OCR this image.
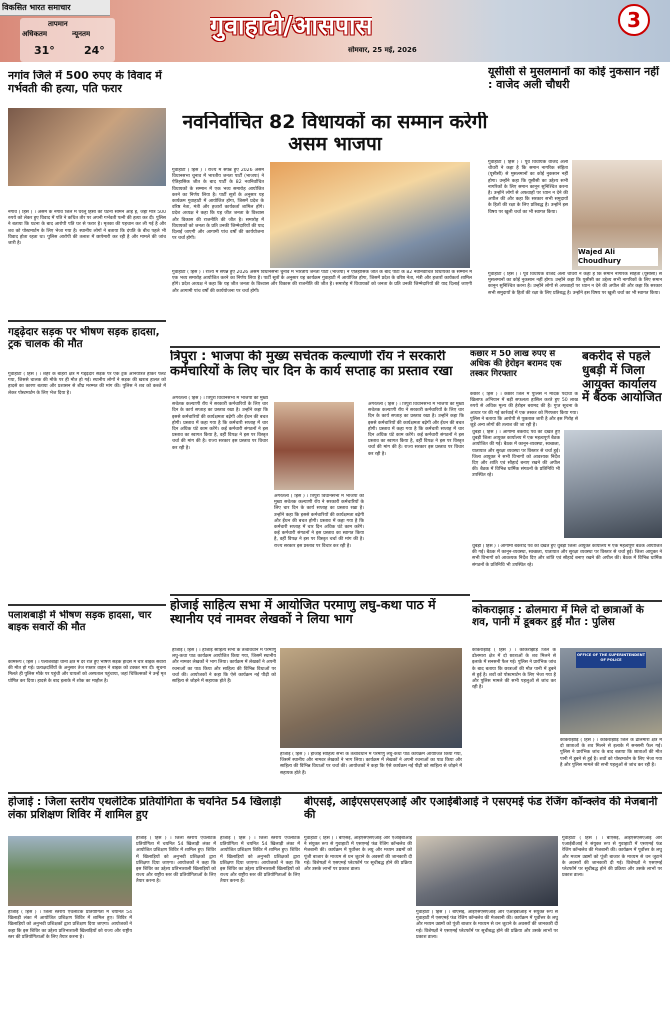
विकसित भारत समाचार
तापमान
अधिकतम	न्यूनतम
31°	24°
गुवाहाटी/आसपास
सोमवार, 25 मई, 2026
3
नगांव जिले में 500 रुपए के विवाद में गर्भवती की हत्या, पति फरार
नगांव ( हिंस ) । असम के नगांव जिले में घरेलू हिंसा की घटना सामने आई है, जहां मात्र 500 रुपये को लेकर हुए विवाद में पति ने कथित तौर पर अपनी गर्भवती पत्नी की हत्या कर दी। पुलिस ने बताया कि घटना के बाद आरोपी पति घर से फरार है। मृतका की पहचान कर ली गई है और शव को पोस्टमार्टम के लिए भेजा गया है। स्थानीय लोगों ने बताया कि दंपति के बीच पहले भी विवाद होता रहता था। पुलिस आरोपी की तलाश में छापेमारी कर रही है और मामले की जांच जारी है।
गड्ढ़ेदार सड़क पर भीषण सड़क हादसा, ट्रक चालक की मौत
गुवाहाटी ( हिंस ) । शहर के बाहरी क्षेत्र में गड्ढ़ेदार सड़क पर एक ट्रक अनियंत्रित होकर पलट गया, जिससे चालक की मौके पर ही मौत हो गई। स्थानीय लोगों ने सड़क की खराब हालत को हादसे का कारण बताया और प्रशासन से शीघ्र मरम्मत की मांग की। पुलिस ने शव को कब्जे में लेकर पोस्टमार्टम के लिए भेज दिया है।
पलाशबाड़ी में भीषण सड़क हादसा, चार बाइक सवारों की मौत
कामरूप ( हिंस ) । पलाशबाड़ी थाना क्षेत्र में देर रात हुए भीषण सड़क हादसे में चार बाइक सवारों की मौत हो गई। प्रत्यक्षदर्शियों के अनुसार तेज रफ्तार वाहन ने बाइक को टक्कर मार दी। सूचना मिलते ही पुलिस मौके पर पहुंची और घायलों को अस्पताल पहुंचाया, जहां चिकित्सकों ने उन्हें मृत घोषित कर दिया। हादसे के बाद इलाके में शोक का माहौल है।
नवनिर्वाचित 82 विधायकों का सम्मान करेगी असम भाजपा
गुवाहाटी ( हिंस ) । राज्य में संपन्न हुए 2026 असम विधानसभा चुनाव में भारतीय जनता पार्टी (भाजपा) ने ऐतिहासिक जीत के बाद पार्टी के 82 नवनिर्वाचित विधायकों के सम्मान में एक भव्य समारोह आयोजित करने का निर्णय लिया है। पार्टी सूत्रों के अनुसार यह कार्यक्रम गुवाहाटी में आयोजित होगा, जिसमें प्रदेश के वरिष्ठ नेता, मंत्री और हजारों कार्यकर्ता शामिल होंगे। प्रदेश अध्यक्ष ने कहा कि यह जीत जनता के विश्वास और विकास की राजनीति की जीत है। समारोह में विधायकों को जनता के प्रति उनकी जिम्मेदारियों की याद दिलाई जाएगी और आगामी पांच वर्षों की कार्ययोजना पर चर्चा होगी।
गुवाहाटी ( हिंस ) । राज्य में संपन्न हुए 2026 असम विधानसभा चुनाव में भारतीय जनता पार्टी (भाजपा) ने ऐतिहासिक जीत के बाद पार्टी के 82 नवनिर्वाचित विधायकों के सम्मान में एक भव्य समारोह आयोजित करने का निर्णय लिया है। पार्टी सूत्रों के अनुसार यह कार्यक्रम गुवाहाटी में आयोजित होगा, जिसमें प्रदेश के वरिष्ठ नेता, मंत्री और हजारों कार्यकर्ता शामिल होंगे। प्रदेश अध्यक्ष ने कहा कि यह जीत जनता के विश्वास और विकास की राजनीति की जीत है। समारोह में विधायकों को जनता के प्रति उनकी जिम्मेदारियों की याद दिलाई जाएगी और आगामी पांच वर्षों की कार्ययोजना पर चर्चा होगी।
यूसीसी से मुसलमानों का कोई नुकसान नहीं : वाजेद अली चौधरी
गुवाहाटी ( हिंस ) । पूर्व विधायक वाजेद अली चौधरी ने कहा है कि समान नागरिक संहिता (यूसीसी) से मुसलमानों का कोई नुकसान नहीं होगा। उन्होंने कहा कि यूसीसी का उद्देश्य सभी नागरिकों के लिए समान कानून सुनिश्चित करना है। उन्होंने लोगों से अफवाहों पर ध्यान न देने की अपील की और कहा कि सरकार सभी समुदायों के हितों की रक्षा के लिए प्रतिबद्ध है। उन्होंने इस विषय पर खुली चर्चा का भी स्वागत किया।
Wajed Ali Choudhury
गुवाहाटी ( हिंस ) । पूर्व विधायक वाजेद अली चौधरी ने कहा है कि समान नागरिक संहिता (यूसीसी) से मुसलमानों का कोई नुकसान नहीं होगा। उन्होंने कहा कि यूसीसी का उद्देश्य सभी नागरिकों के लिए समान कानून सुनिश्चित करना है। उन्होंने लोगों से अफवाहों पर ध्यान न देने की अपील की और कहा कि सरकार सभी समुदायों के हितों की रक्षा के लिए प्रतिबद्ध है। उन्होंने इस विषय पर खुली चर्चा का भी स्वागत किया।
त्रिपुरा : भाजपा की मुख्य सचेतक कल्याणी रॉय ने सरकारी कर्मचारियों के लिए चार दिन के कार्य सप्ताह का प्रस्ताव रखा
अगरतला ( हिंस ) । त्रिपुरा विधानसभा में भाजपा की मुख्य सचेतक कल्याणी रॉय ने सरकारी कर्मचारियों के लिए चार दिन के कार्य सप्ताह का प्रस्ताव रखा है। उन्होंने कहा कि इससे कर्मचारियों की कार्यक्षमता बढ़ेगी और ईंधन की बचत होगी। प्रस्ताव में कहा गया है कि कर्मचारी सप्ताह में चार दिन अधिक घंटे काम करेंगे। कई कर्मचारी संगठनों ने इस प्रस्ताव का स्वागत किया है, वहीं विपक्ष ने इस पर विस्तृत चर्चा की मांग की है। राज्य सरकार इस प्रस्ताव पर विचार कर रही है।
अगरतला ( हिंस ) । त्रिपुरा विधानसभा में भाजपा की मुख्य सचेतक कल्याणी रॉय ने सरकारी कर्मचारियों के लिए चार दिन के कार्य सप्ताह का प्रस्ताव रखा है। उन्होंने कहा कि इससे कर्मचारियों की कार्यक्षमता बढ़ेगी और ईंधन की बचत होगी। प्रस्ताव में कहा गया है कि कर्मचारी सप्ताह में चार दिन अधिक घंटे काम करेंगे। कई कर्मचारी संगठनों ने इस प्रस्ताव का स्वागत किया है, वहीं विपक्ष ने इस पर विस्तृत चर्चा की मांग की है। राज्य सरकार इस प्रस्ताव पर विचार कर रही है।
अगरतला ( हिंस ) । त्रिपुरा विधानसभा में भाजपा की मुख्य सचेतक कल्याणी रॉय ने सरकारी कर्मचारियों के लिए चार दिन के कार्य सप्ताह का प्रस्ताव रखा है। उन्होंने कहा कि इससे कर्मचारियों की कार्यक्षमता बढ़ेगी और ईंधन की बचत होगी। प्रस्ताव में कहा गया है कि कर्मचारी सप्ताह में चार दिन अधिक घंटे काम करेंगे। कई कर्मचारी संगठनों ने इस प्रस्ताव का स्वागत किया है, वहीं विपक्ष ने इस पर विस्तृत चर्चा की मांग की है। राज्य सरकार इस प्रस्ताव पर विचार कर रही है।
कछार में 50 लाख रुपए से अधिक की हेरोइन बरामद एक तस्कर गिरफ्तार
कछार ( हिंस ) । कछार जिले में पुलिस ने मादक पदार्थों के खिलाफ अभियान में बड़ी सफलता हासिल करते हुए 50 लाख रुपये से अधिक मूल्य की हेरोइन बरामद की है। गुप्त सूचना के आधार पर की गई कार्रवाई में एक तस्कर को गिरफ्तार किया गया। पुलिस ने बताया कि आरोपी से पूछताछ जारी है और इस गिरोह से जुड़े अन्य लोगों की तलाश की जा रही है।
बकरीद से पहले धुबड़ी में जिला आयुक्त कार्यालय में बैठक आयोजित
धुबड़ी ( हिंस ) । आगामी बकरीद पर्व को देखते हुए धुबड़ी जिला आयुक्त कार्यालय में एक महत्वपूर्ण बैठक आयोजित की गई। बैठक में कानून-व्यवस्था, स्वच्छता, यातायात और सुरक्षा व्यवस्था पर विस्तार से चर्चा हुई। जिला आयुक्त ने सभी विभागों को आवश्यक निर्देश दिए और शांति एवं सौहार्द बनाए रखने की अपील की। बैठक में विभिन्न धार्मिक संगठनों के प्रतिनिधि भी उपस्थित रहे।
धुबड़ी ( हिंस ) । आगामी बकरीद पर्व को देखते हुए धुबड़ी जिला आयुक्त कार्यालय में एक महत्वपूर्ण बैठक आयोजित की गई। बैठक में कानून-व्यवस्था, स्वच्छता, यातायात और सुरक्षा व्यवस्था पर विस्तार से चर्चा हुई। जिला आयुक्त ने सभी विभागों को आवश्यक निर्देश दिए और शांति एवं सौहार्द बनाए रखने की अपील की। बैठक में विभिन्न धार्मिक संगठनों के प्रतिनिधि भी उपस्थित रहे।
होजाई साहित्य सभा में आयोजित परमाणु लघु-कथा पाठ में स्थानीय एवं नामवर लेखकों ने लिया भाग
होजाई ( हिंस ) । होजाई साहित्य सभा के तत्वावधान में परमाणु लघु-कथा पाठ कार्यक्रम आयोजित किया गया, जिसमें स्थानीय और नामवर लेखकों ने भाग लिया। कार्यक्रम में लेखकों ने अपनी रचनाओं का पाठ किया और साहित्य की विभिन्न विधाओं पर चर्चा की। आयोजकों ने कहा कि ऐसे कार्यक्रम नई पीढ़ी को साहित्य से जोड़ने में सहायक होते हैं।
होजाई ( हिंस ) । होजाई साहित्य सभा के तत्वावधान में परमाणु लघु-कथा पाठ कार्यक्रम आयोजित किया गया, जिसमें स्थानीय और नामवर लेखकों ने भाग लिया। कार्यक्रम में लेखकों ने अपनी रचनाओं का पाठ किया और साहित्य की विभिन्न विधाओं पर चर्चा की। आयोजकों ने कहा कि ऐसे कार्यक्रम नई पीढ़ी को साहित्य से जोड़ने में सहायक होते हैं।
कोकराझाड़ : ढोलमारा में मिले दो छात्राओं के शव, पानी में डूबकर हुई मौत : पुलिस
कोकराझाड़ ( हिंस ) । कोकराझाड़ जिले के ढोलमारा क्षेत्र में दो छात्राओं के शव मिलने से इलाके में सनसनी फैल गई। पुलिस ने प्रारंभिक जांच के बाद बताया कि छात्राओं की मौत पानी में डूबने से हुई है। शवों को पोस्टमार्टम के लिए भेजा गया है और पुलिस मामले की सभी पहलुओं से जांच कर रही है।
OFFICE OF THE SUPERINTENDENT OF POLICE
कोकराझाड़ ( हिंस ) । कोकराझाड़ जिले के ढोलमारा क्षेत्र में दो छात्राओं के शव मिलने से इलाके में सनसनी फैल गई। पुलिस ने प्रारंभिक जांच के बाद बताया कि छात्राओं की मौत पानी में डूबने से हुई है। शवों को पोस्टमार्टम के लिए भेजा गया है और पुलिस मामले की सभी पहलुओं से जांच कर रही है।
होजाई : जिला स्तरीय एथलेटिक प्रतियोगिता के चयनित 54 खिलाड़ी लंका प्रशिक्षण शिविर में शामिल हुए
होजाई ( हिंस ) । जिला स्तरीय एथलेटिक प्रतियोगिता में चयनित 54 खिलाड़ी लंका में आयोजित प्रशिक्षण शिविर में शामिल हुए। शिविर में खिलाड़ियों को अनुभवी प्रशिक्षकों द्वारा प्रशिक्षण दिया जाएगा। आयोजकों ने कहा कि इस शिविर का उद्देश्य प्रतिभाशाली खिलाड़ियों को राज्य और राष्ट्रीय स्तर की प्रतियोगिताओं के लिए तैयार करना है।
होजाई ( हिंस ) । जिला स्तरीय एथलेटिक प्रतियोगिता में चयनित 54 खिलाड़ी लंका में आयोजित प्रशिक्षण शिविर में शामिल हुए। शिविर में खिलाड़ियों को अनुभवी प्रशिक्षकों द्वारा प्रशिक्षण दिया जाएगा। आयोजकों ने कहा कि इस शिविर का उद्देश्य प्रतिभाशाली खिलाड़ियों को राज्य और राष्ट्रीय स्तर की प्रतियोगिताओं के लिए तैयार करना है।
होजाई ( हिंस ) । जिला स्तरीय एथलेटिक प्रतियोगिता में चयनित 54 खिलाड़ी लंका में आयोजित प्रशिक्षण शिविर में शामिल हुए। शिविर में खिलाड़ियों को अनुभवी प्रशिक्षकों द्वारा प्रशिक्षण दिया जाएगा। आयोजकों ने कहा कि इस शिविर का उद्देश्य प्रतिभाशाली खिलाड़ियों को राज्य और राष्ट्रीय स्तर की प्रतियोगिताओं के लिए तैयार करना है।
बीएसई, आईएसएसएआई और एआईबीआई ने एसएमई फंड रेजिंग कॉन्क्लेव की मेजबानी की
गुवाहाटी ( हिंस ) । बीएसई, आईएसएसएआई और एआईबीआई ने संयुक्त रूप से गुवाहाटी में एसएमई फंड रेजिंग कॉन्क्लेव की मेजबानी की। कार्यक्रम में पूर्वोत्तर के लघु और मध्यम उद्यमों को पूंजी बाजार के माध्यम से धन जुटाने के अवसरों की जानकारी दी गई। विशेषज्ञों ने एसएमई प्लेटफॉर्म पर सूचीबद्ध होने की प्रक्रिया और उसके लाभों पर प्रकाश डाला।
गुवाहाटी ( हिंस ) । बीएसई, आईएसएसएआई और एआईबीआई ने संयुक्त रूप से गुवाहाटी में एसएमई फंड रेजिंग कॉन्क्लेव की मेजबानी की। कार्यक्रम में पूर्वोत्तर के लघु और मध्यम उद्यमों को पूंजी बाजार के माध्यम से धन जुटाने के अवसरों की जानकारी दी गई। विशेषज्ञों ने एसएमई प्लेटफॉर्म पर सूचीबद्ध होने की प्रक्रिया और उसके लाभों पर प्रकाश डाला।
गुवाहाटी ( हिंस ) । बीएसई, आईएसएसएआई और एआईबीआई ने संयुक्त रूप से गुवाहाटी में एसएमई फंड रेजिंग कॉन्क्लेव की मेजबानी की। कार्यक्रम में पूर्वोत्तर के लघु और मध्यम उद्यमों को पूंजी बाजार के माध्यम से धन जुटाने के अवसरों की जानकारी दी गई। विशेषज्ञों ने एसएमई प्लेटफॉर्म पर सूचीबद्ध होने की प्रक्रिया और उसके लाभों पर प्रकाश डाला।
